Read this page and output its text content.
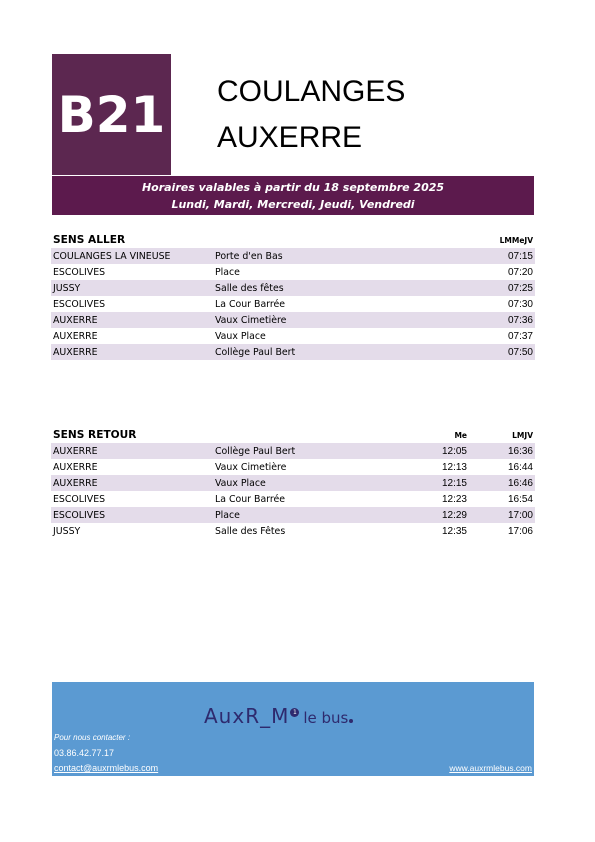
B21 COULANGES
AUXERRE
Horaires valables à partir du 18 septembre 2025
Lundi, Mardi, Mercredi, Jeudi, Vendredi
SENS ALLER			LMMeJV
COULANGES LA VINEUSE	Porte d'en Bas		07:15
ESCOLIVES	Place		07:20
JUSSY	Salle des fêtes		07:25
ESCOLIVES	La Cour Barrée		07:30
AUXERRE	Vaux Cimetière		07:36
AUXERRE	Vaux Place		07:37
AUXERRE	Collège Paul Bert		07:50
SENS RETOUR		Me	LMJV
AUXERRE	Collège Paul Bert	12:05	16:36
AUXERRE	Vaux Cimetière	12:13	16:44
AUXERRE	Vaux Place	12:15	16:46
ESCOLIVES	La Cour Barrée	12:23	16:54
ESCOLIVES	Place	12:29	17:00
JUSSY	Salle des Fêtes	12:35	17:06
AuxR_M 1 le bus
Pour nous contacter :
03.86.42.77.17
contact@auxrmlebus.com	www.auxrmlebus.com
